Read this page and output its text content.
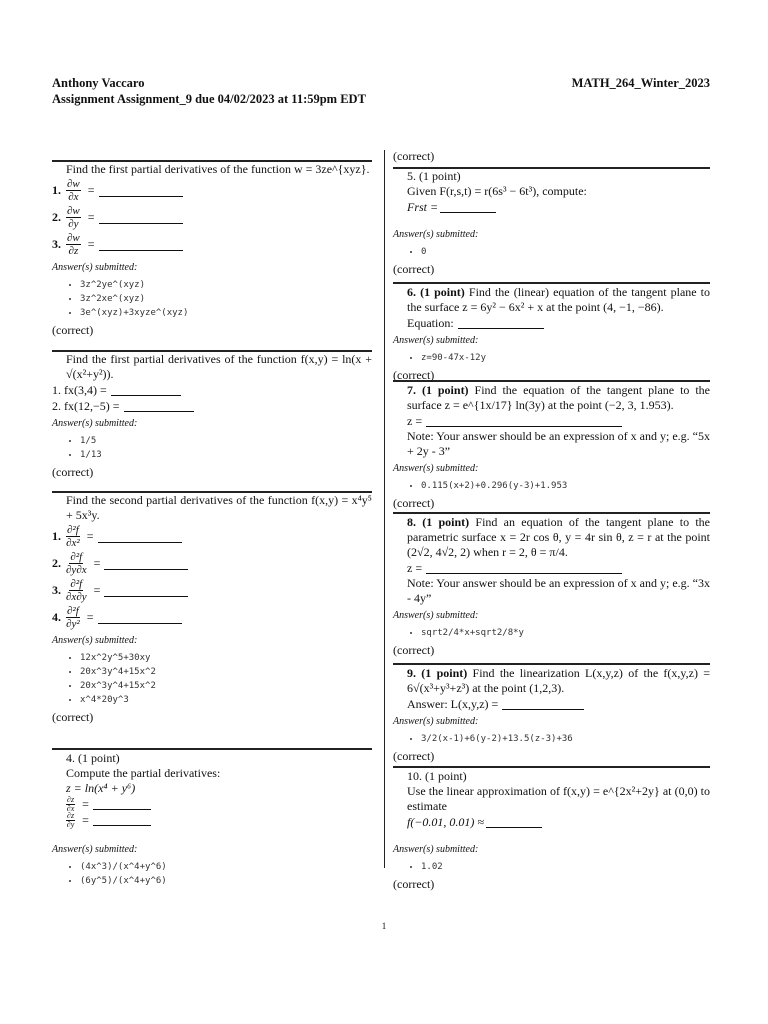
Anthony Vaccaro
Assignment Assignment_9 due 04/02/2023 at 11:59pm EDT
MATH_264_Winter_2023
Find the first partial derivatives of the function w = 3ze^{xyz}.
1. $\frac{\partial w}{\partial x}$ =
2. $\frac{\partial w}{\partial y}$ =
3. $\frac{\partial w}{\partial z}$ =
Answer(s) submitted:
• 3z^2ye^(xyz)
• 3z^2xe^(xyz)
• 3e^(xyz)+3xyze^(xyz)
(correct)
Find the first partial derivatives of the function f(x,y) = ln(x + √(x²+y²)).
1. fx(3,4) =
2. fx(12,−5) =
Answer(s) submitted:
• 1/5
• 1/13
(correct)
Find the second partial derivatives of the function f(x,y) = x⁴y⁵ + 5x³y.
1. $\frac{\text{∂²f}}{\text{∂x²}}$ =
2. $\frac{\text{∂²f}}{\partial y\partial x}$ =
3. $\frac{\text{∂²f}}{\partial x\partial y}$ =
4. $\frac{\text{∂²f}}{\text{∂y²}}$ =
Answer(s) submitted:
• 12x^2y^5+30xy
• 20x^3y^4+15x^2
• 20x^3y^4+15x^2
• x^4*20y^3
(correct)
4. (1 point)
Compute the partial derivatives:
z = ln(x⁴ + y⁶)
$\frac{\partial z}{\partial x}$ =
$\frac{\partial z}{\partial y}$ =
Answer(s) submitted:
• (4x^3)/(x^4+y^6)
• (6y^5)/(x^4+y^6)
(correct)
5. (1 point)
Given F(r,s,t) = r(6s³ − 6t³), compute:
Frst =
Answer(s) submitted:
• 0
(correct)
6. (1 point) Find the (linear) equation of the tangent plane to the surface z = 6y² − 6x² + x at the point (4, −1, −86).
Equation:
Answer(s) submitted:
• z=90-47x-12y
(correct)
7. (1 point) Find the equation of the tangent plane to the surface z = e^{1x/17} ln(3y) at the point (−2, 3, 1.953).
z =
Note: Your answer should be an expression of x and y; e.g. “5x + 2y - 3”
Answer(s) submitted:
• 0.115(x+2)+0.296(y-3)+1.953
(correct)
8. (1 point) Find an equation of the tangent plane to the parametric surface x = 2r cos θ, y = 4r sin θ, z = r at the point (2√2, 4√2, 2) when r = 2, θ = π/4.
z =
Note: Your answer should be an expression of x and y; e.g. “3x - 4y”
Answer(s) submitted:
• sqrt2/4*x+sqrt2/8*y
(correct)
9. (1 point) Find the linearization L(x,y,z) of the f(x,y,z) = 6√(x³+y³+z³) at the point (1,2,3).
Answer: L(x,y,z) =
Answer(s) submitted:
• 3/2(x-1)+6(y-2)+13.5(z-3)+36
(correct)
10. (1 point)
Use the linear approximation of f(x,y) = e^{2x²+2y} at (0,0) to estimate
f(−0.01, 0.01) ≈
Answer(s) submitted:
• 1.02
(correct)
1
